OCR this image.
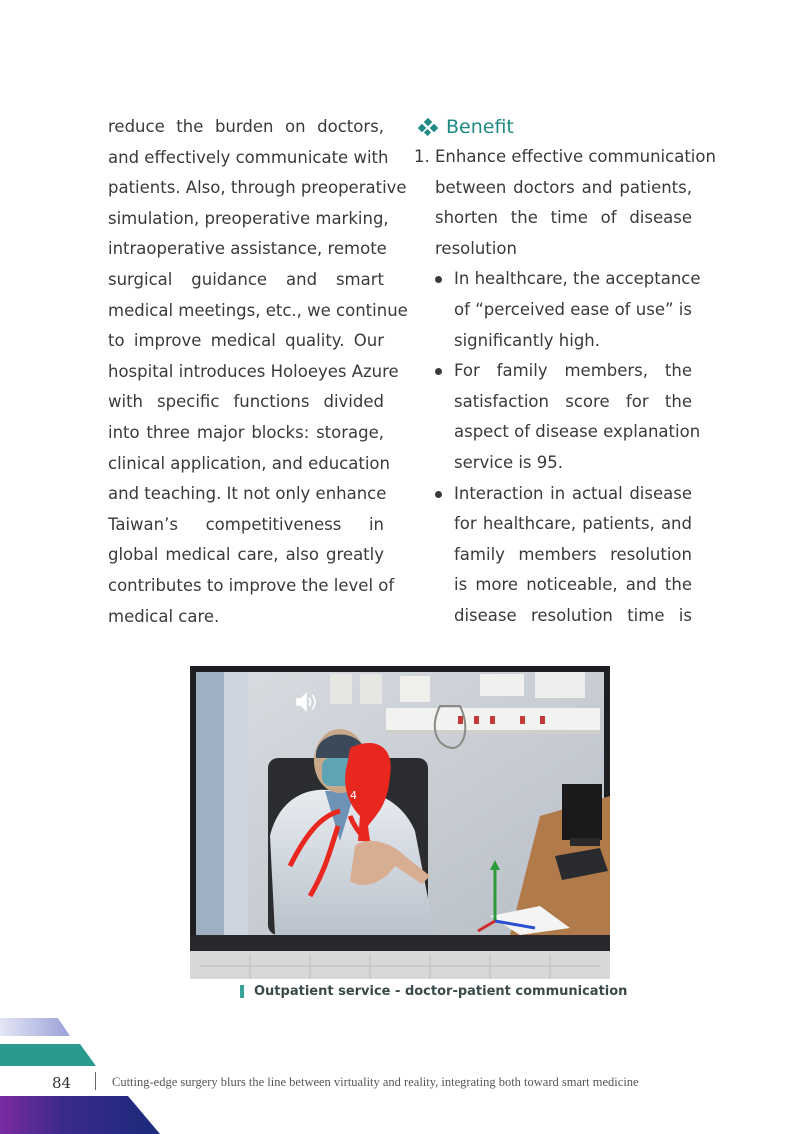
reduce the burden on doctors,
and effectively communicate with
patients. Also, through preoperative
simulation, preoperative marking,
intraoperative assistance, remote
surgical guidance and smart
medical meetings, etc., we continue
to improve medical quality. Our
hospital introduces Holoeyes Azure
with specific functions divided
into three major blocks: storage,
clinical application, and education
and teaching. It not only enhance
Taiwan’s competitiveness in
global medical care, also greatly
contributes to improve the level of
medical care.
Benefit
1. Enhance effective communication
between doctors and patients,
shorten the time of disease
resolution
In healthcare, the acceptance
of “perceived ease of use” is
significantly high.
For family members, the
satisfaction score for the
aspect of disease explanation
service is 95.
Interaction in actual disease
for healthcare, patients, and
family members resolution
is more noticeable, and the
disease resolution time is
4
Outpatient service - doctor-patient communication
84	Cutting-edge surgery blurs the line between virtuality and reality, integrating both toward smart medicine
